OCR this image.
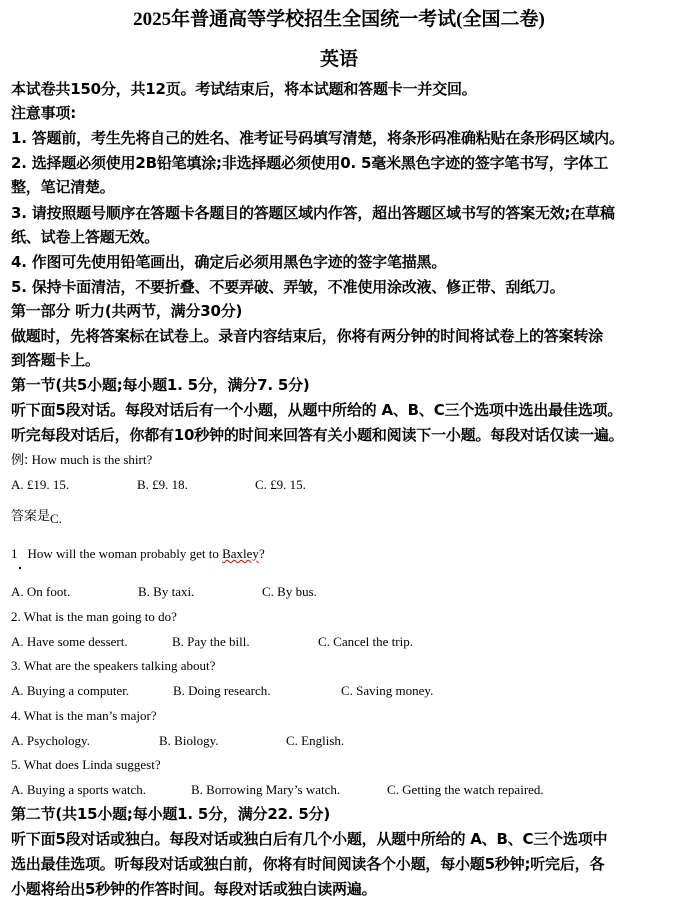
2025年普通高等学校招生全国统一考试(全国二卷)
英语
本试卷共150分，共12页。考试结束后，将本试题和答题卡一并交回。
注意事项:
1. 答题前，考生先将自己的姓名、准考证号码填写清楚，将条形码准确粘贴在条形码区域内。
2. 选择题必须使用2B铅笔填涂;非选择题必须使用0. 5毫米黑色字迹的签字笔书写，字体工
整，笔记清楚。
3. 请按照题号顺序在答题卡各题目的答题区域内作答，超出答题区域书写的答案无效;在草稿
纸、试卷上答题无效。
4. 作图可先使用铅笔画出，确定后必须用黑色字迹的签字笔描黑。
5. 保持卡面清洁，不要折叠、不要弄破、弄皱，不准使用涂改液、修正带、刮纸刀。
第一部分 听力(共两节，满分30分)
做题时，先将答案标在试卷上。录音内容结束后，你将有两分钟的时间将试卷上的答案转涂
到答题卡上。
第一节(共5小题;每小题1. 5分，满分7. 5分)
听下面5段对话。每段对话后有一个小题，从题中所给的 A、B、C三个选项中选出最佳选项。
听完每段对话后，你都有10秒钟的时间来回答有关小题和阅读下一小题。每段对话仅读一遍。
例: How much is the shirt?
A. £19. 15.	B. £9. 18.	C. £9. 15.
答案是C.
1 How will the woman probably get to Baxley?
A. On foot.	B. By taxi.	C. By bus.
2. What is the man going to do?
A. Have some dessert.	B. Pay the bill.	C. Cancel the trip.
3. What are the speakers talking about?
A. Buying a computer.	B. Doing research.	C. Saving money.
4. What is the man’s major?
A. Psychology.	B. Biology.	C. English.
5. What does Linda suggest?
A. Buying a sports watch.	B. Borrowing Mary’s watch.	C. Getting the watch repaired.
第二节(共15小题;每小题1. 5分，满分22. 5分)
听下面5段对话或独白。每段对话或独白后有几个小题，从题中所给的 A、B、C三个选项中
选出最佳选项。听每段对话或独白前，你将有时间阅读各个小题，每小题5秒钟;听完后，各
小题将给出5秒钟的作答时间。每段对话或独白读两遍。
